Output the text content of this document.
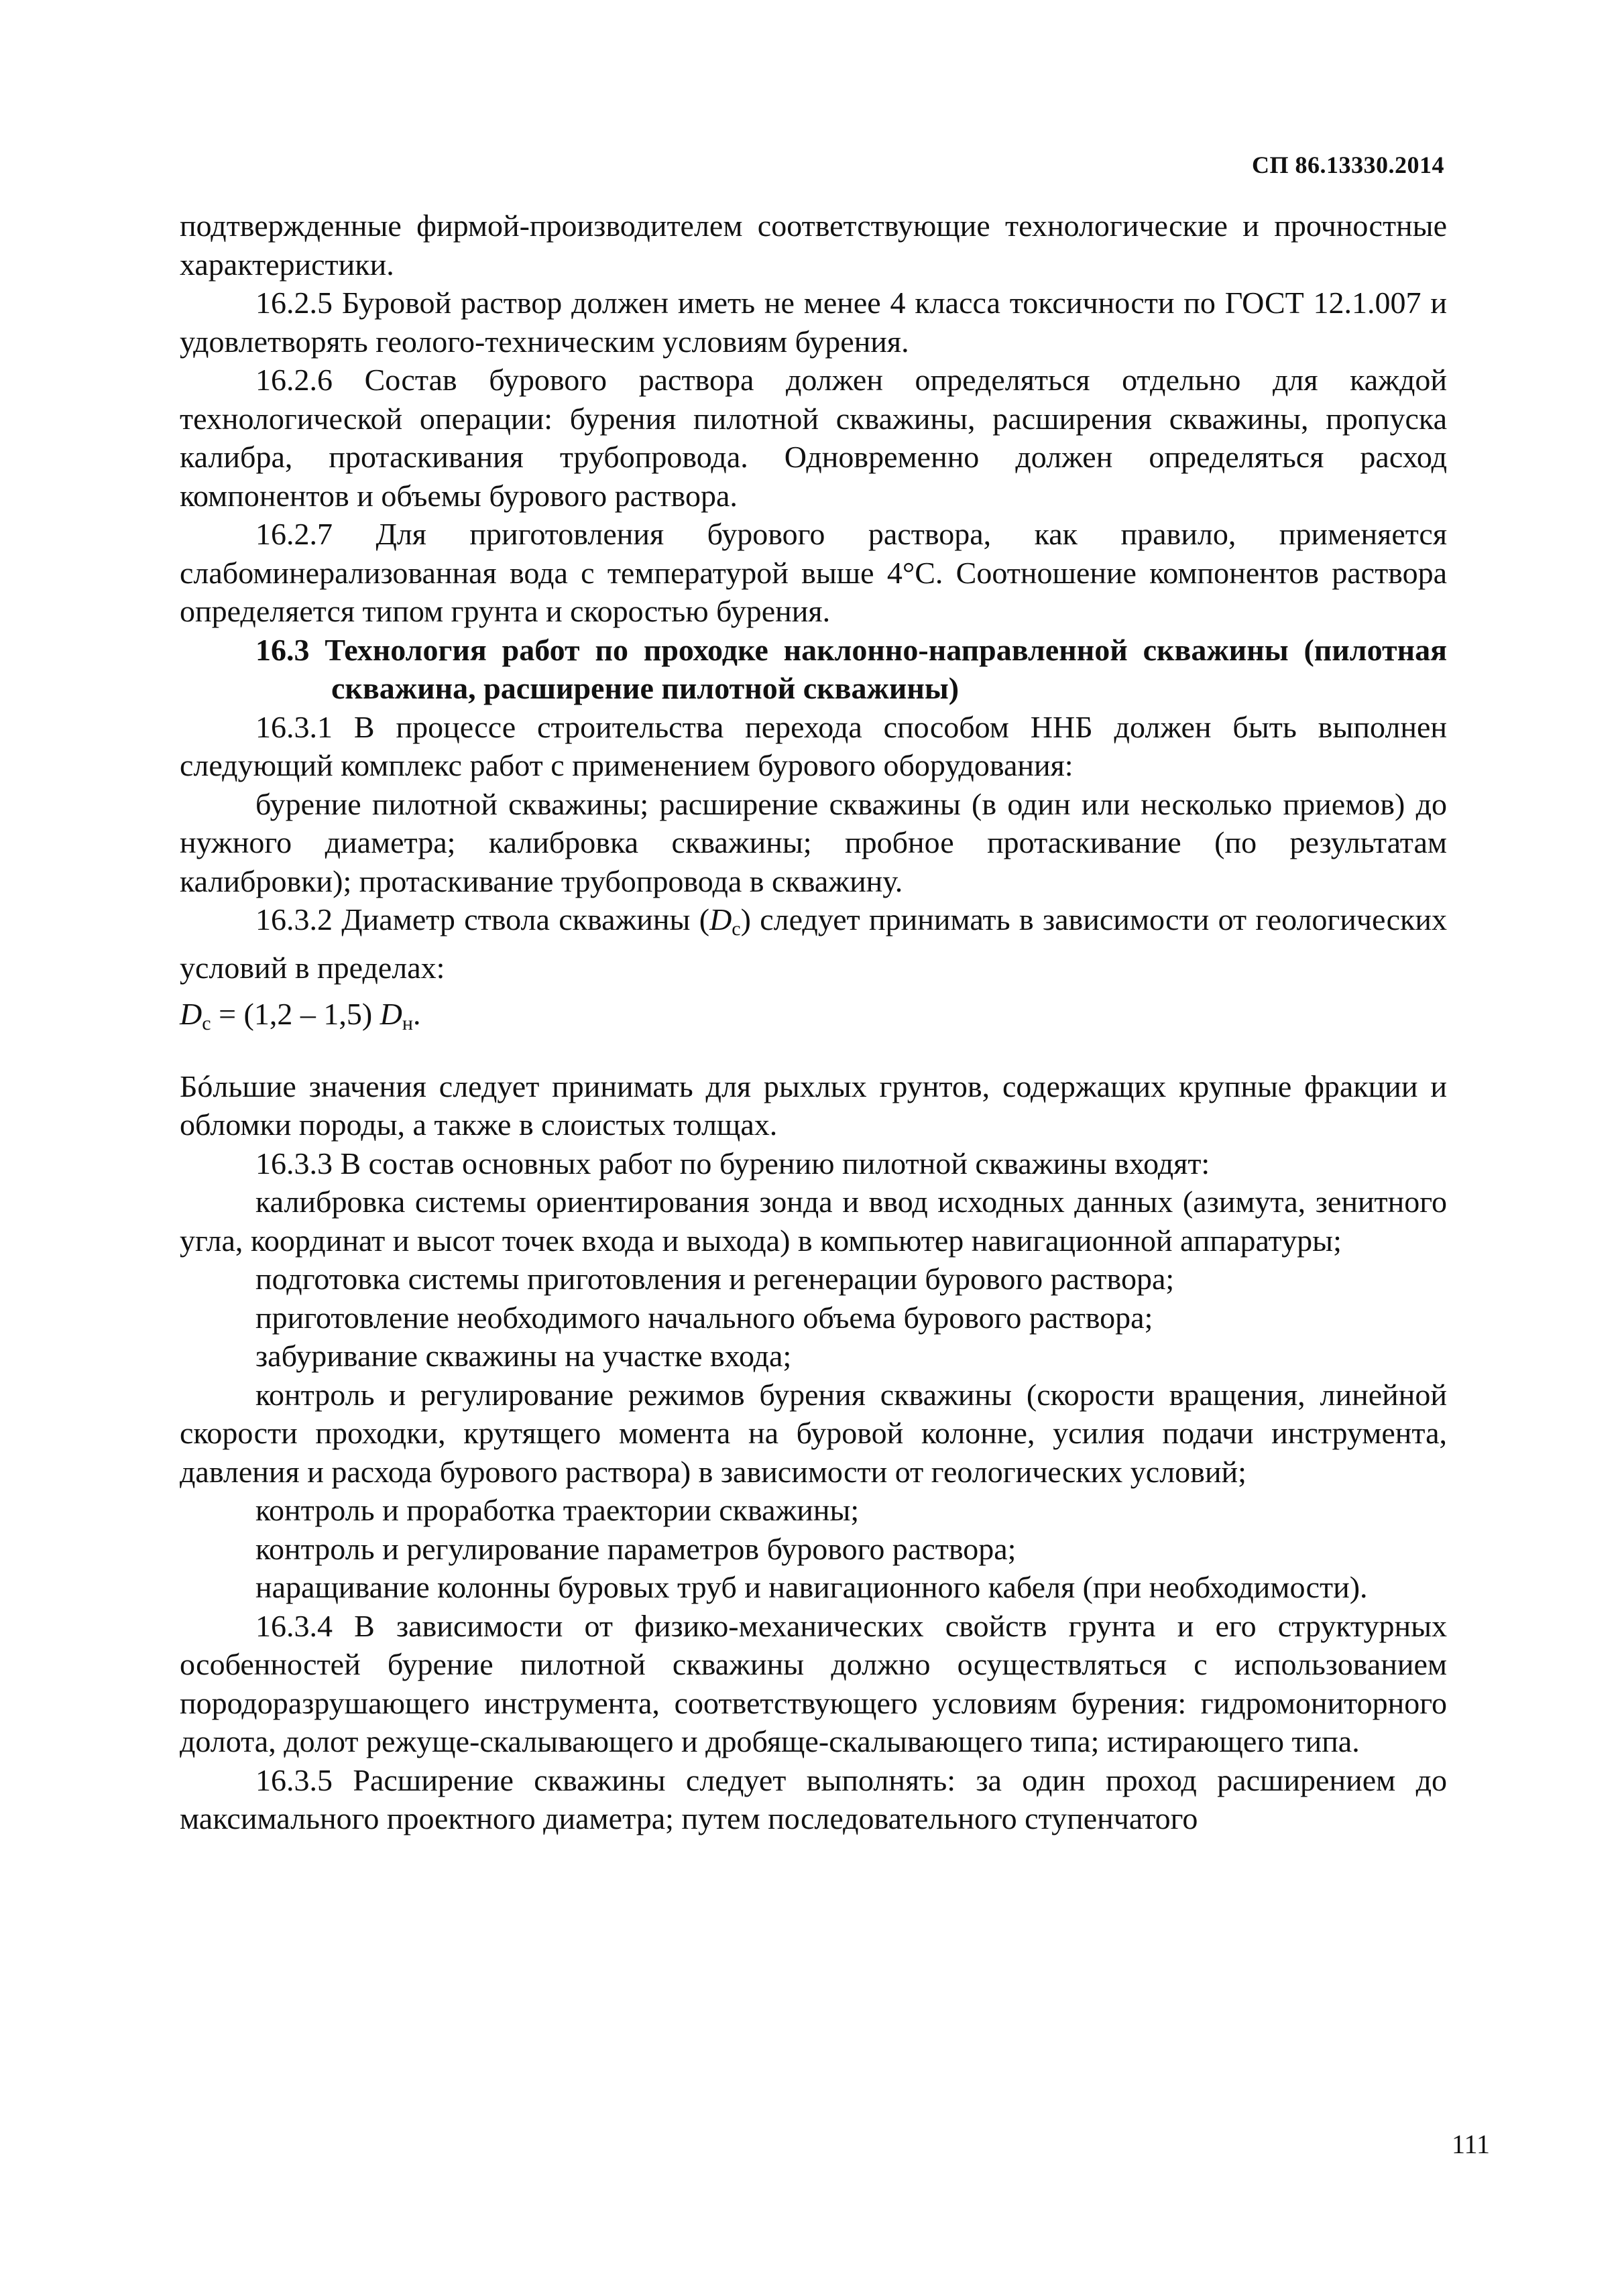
СП 86.13330.2014

подтвержденные фирмой-производителем соответствующие технологические и прочностные характеристики.

16.2.5 Буровой раствор должен иметь не менее 4 класса токсичности по ГОСТ 12.1.007 и удовлетворять геолого-техническим условиям бурения.

16.2.6 Состав бурового раствора должен определяться отдельно для каждой технологической операции: бурения пилотной скважины, расширения скважины, пропуска калибра, протаскивания трубопровода. Одновременно должен определяться расход компонентов и объемы бурового раствора.

16.2.7 Для приготовления бурового раствора, как правило, применяется слабоминерализованная вода с температурой выше 4°С. Соотношение компонентов раствора определяется типом грунта и скоростью бурения.

16.3 Технология работ по проходке наклонно-направленной скважины (пилотная скважина, расширение пилотной скважины)

16.3.1 В процессе строительства перехода способом ННБ должен быть выполнен следующий комплекс работ с применением бурового оборудования:

бурение пилотной скважины; расширение скважины (в один или несколько приемов) до нужного диаметра; калибровка скважины; пробное протаскивание (по результатам калибровки); протаскивание трубопровода в скважину.

16.3.2 Диаметр ствола скважины $(D_с)$ следует принимать в зависимости от геологических условий в пределах:

$D_с = (1,2 - 1,5)$ $D_н$.

Бóльшие значения следует принимать для рыхлых грунтов, содержащих крупные фракции и обломки породы, а также в слоистых толщах.

16.3.3 В состав основных работ по бурению пилотной скважины входят:

калибровка системы ориентирования зонда и ввод исходных данных (азимута, зенитного угла, координат и высот точек входа и выхода) в компьютер навигационной аппаратуры;

подготовка системы приготовления и регенерации бурового раствора;

приготовление необходимого начального объема бурового раствора;

забуривание скважины на участке входа;

контроль и регулирование режимов бурения скважины (скорости вращения, линейной скорости проходки, крутящего момента на буровой колонне, усилия подачи инструмента, давления и расхода бурового раствора) в зависимости от геологических условий;

контроль и проработка траектории скважины;

контроль и регулирование параметров бурового раствора;

наращивание колонны буровых труб и навигационного кабеля (при необходимости).

16.3.4 В зависимости от физико-механических свойств грунта и его структурных особенностей бурение пилотной скважины должно осуществляться с использованием породоразрушающего инструмента, соответствующего условиям бурения: гидромониторного долота, долот режуще-скалывающего и дробяще-скалывающего типа; истирающего типа.

16.3.5 Расширение скважины следует выполнять: за один проход расширением до максимального проектного диаметра; путем последовательного ступенчатого

111
